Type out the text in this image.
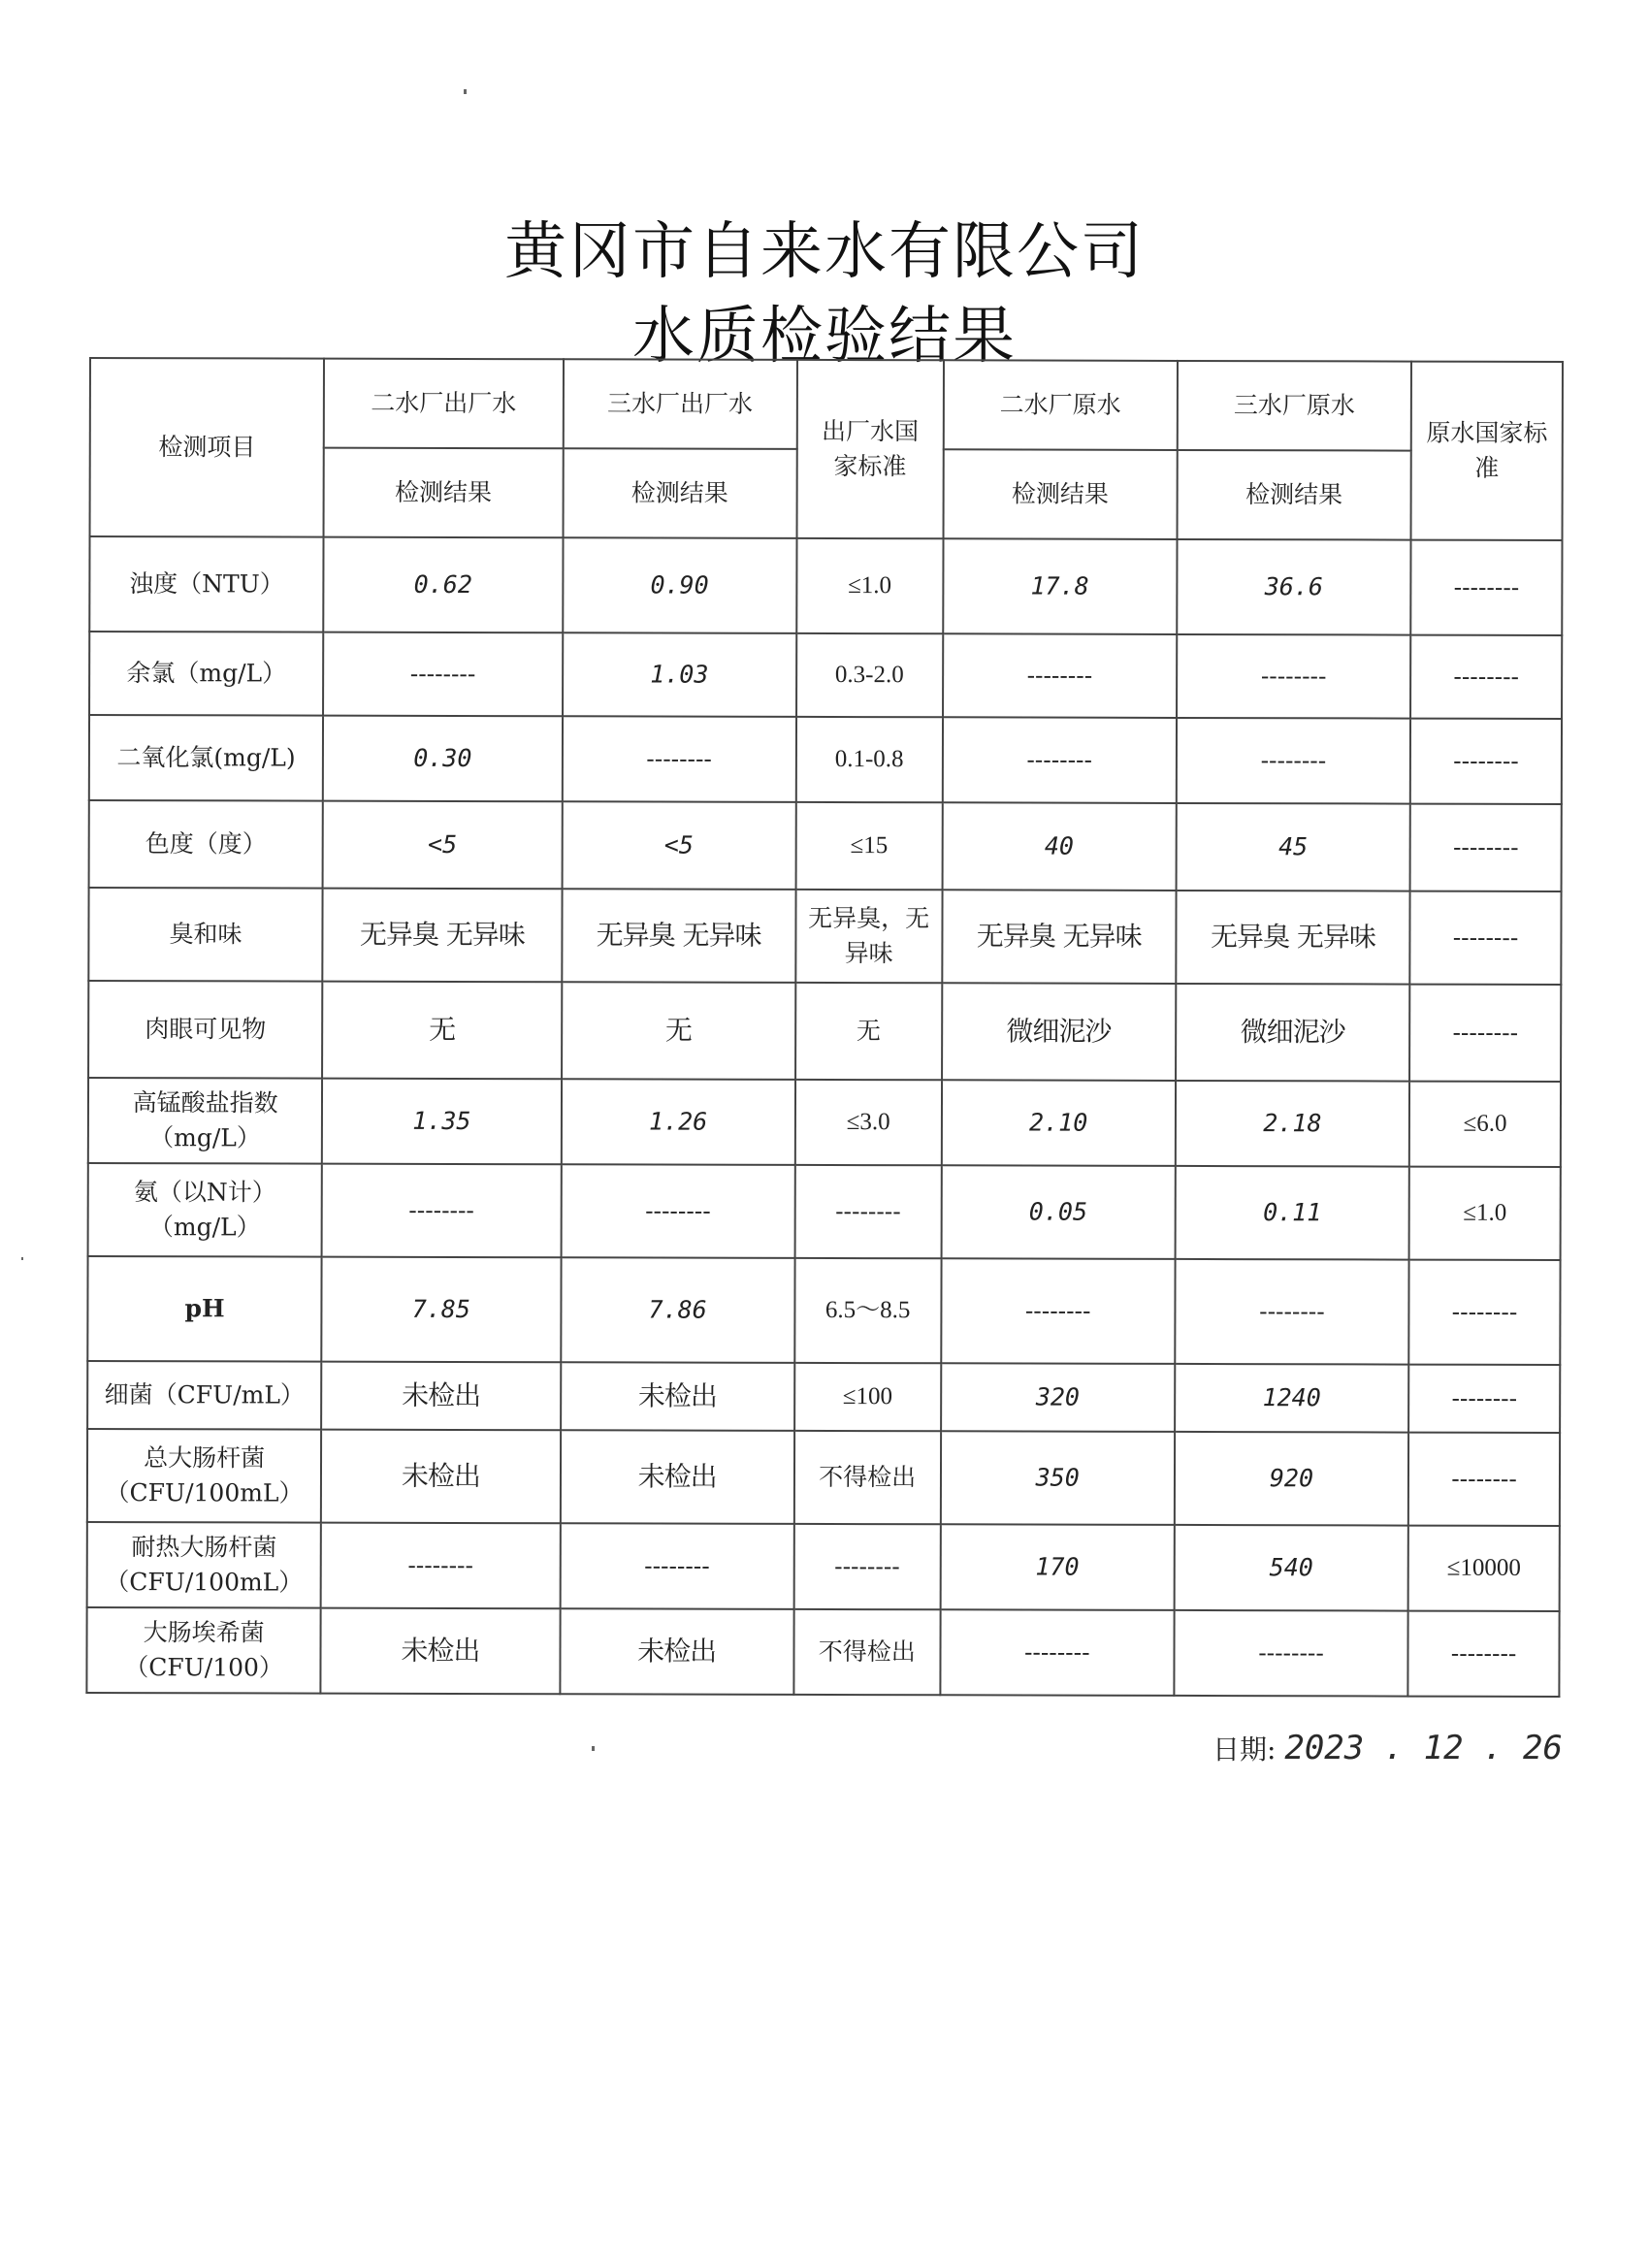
黄冈市自来水有限公司
水质检验结果
检测项目	二水厂出厂水	三水厂出厂水	出厂水国家标准	二水厂原水	三水厂原水	原水国家标准
	检测结果	检测结果		检测结果	检测结果	
浊度（NTU）	0.62	0.90	≤1.0	17.8	36.6	--------
余氯（mg/L）	--------	1.03	0.3-2.0	--------	--------	--------
二氧化氯(mg/L)	0.30	--------	0.1-0.8	--------	--------	--------
色度（度）	<5	<5	≤15	40	45	--------
臭和味	无异臭 无异味	无异臭 无异味	无异臭，无异味	无异臭 无异味	无异臭 无异味	--------
肉眼可见物	无	无	无	微细泥沙	微细泥沙	--------
高锰酸盐指数（mg/L）	1.35	1.26	≤3.0	2.10	2.18	≤6.0
氨（以N计）（mg/L）	--------	--------	--------	0.05	0.11	≤1.0
pH	7.85	7.86	6.5～8.5	--------	--------	--------
细菌（CFU/mL）	未检出	未检出	≤100	320	1240	--------
总大肠杆菌（CFU/100mL）	未检出	未检出	不得检出	350	920	--------
耐热大肠杆菌（CFU/100mL）	--------	--------	--------	170	540	≤10000
大肠埃希菌（CFU/100）	未检出	未检出	不得检出	--------	--------	--------
日期: 2023 . 12 . 26
